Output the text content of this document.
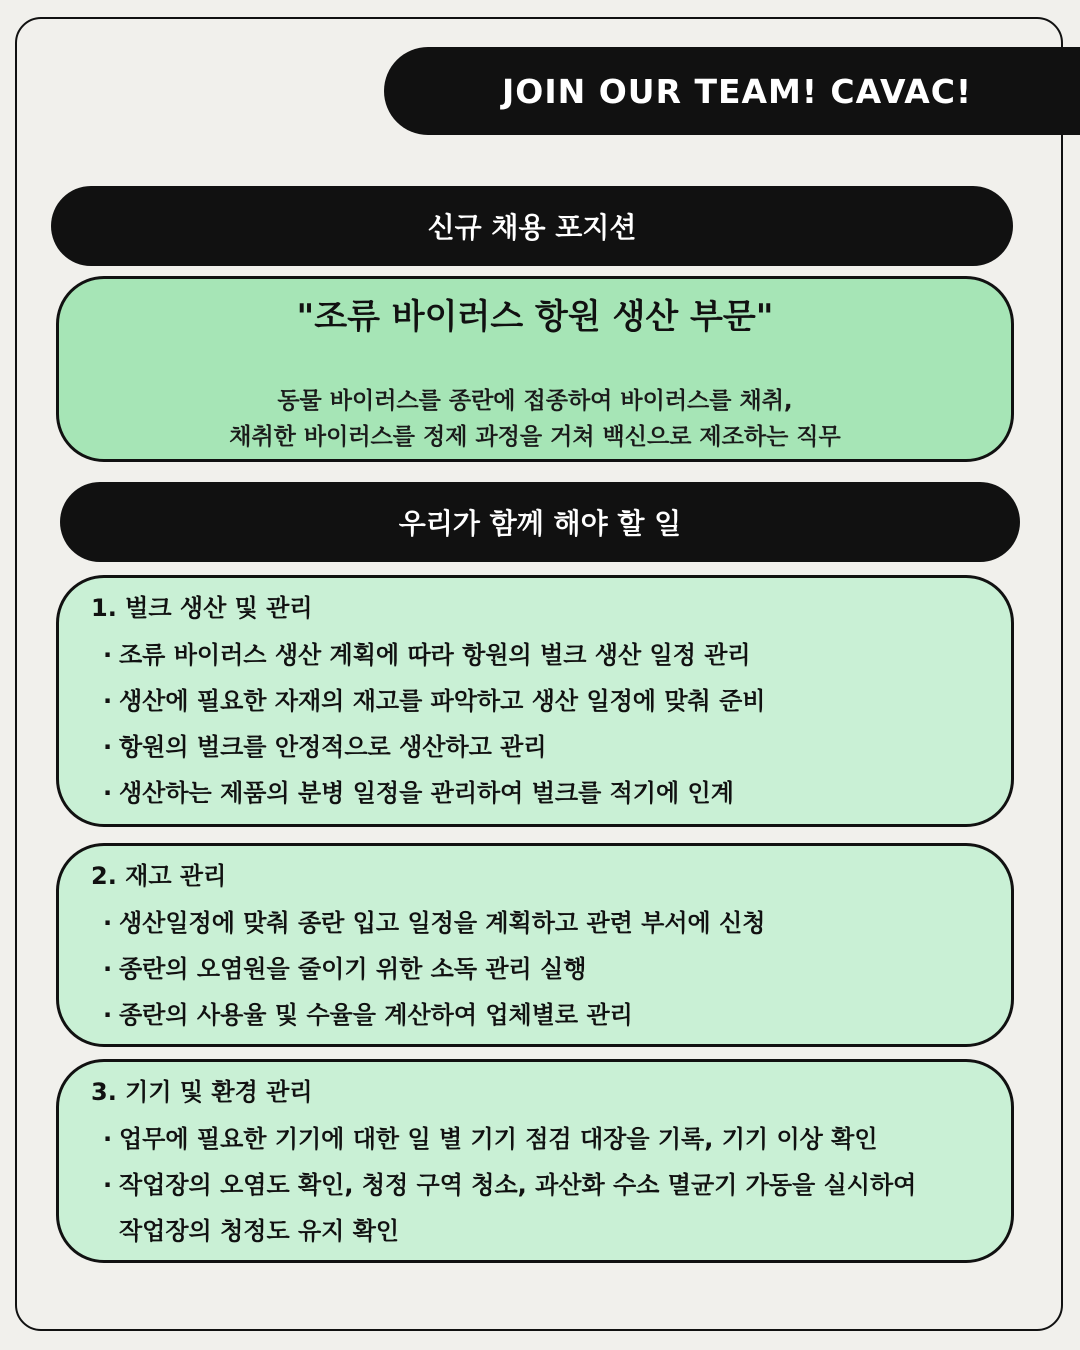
JOIN OUR TEAM! CAVAC!
신규 채용 포지션
"조류 바이러스 항원 생산 부문"
동물 바이러스를 종란에 접종하여 바이러스를 채취,
채취한 바이러스를 정제 과정을 거쳐 백신으로 제조하는 직무
우리가 함께 해야 할 일
1. 벌크 생산 및 관리
· 조류 바이러스 생산 계획에 따라 항원의 벌크 생산 일정 관리
· 생산에 필요한 자재의 재고를 파악하고 생산 일정에 맞춰 준비
· 항원의 벌크를 안정적으로 생산하고 관리
· 생산하는 제품의 분병 일정을 관리하여 벌크를 적기에 인계
2. 재고 관리
· 생산일정에 맞춰 종란 입고 일정을 계획하고 관련 부서에 신청
· 종란의 오염원을 줄이기 위한 소독 관리 실행
· 종란의 사용율 및 수율을 계산하여 업체별로 관리
3. 기기 및 환경 관리
· 업무에 필요한 기기에 대한 일 별 기기 점검 대장을 기록, 기기 이상 확인
· 작업장의 오염도 확인, 청정 구역 청소, 과산화 수소 멸균기 가동을 실시하여
작업장의 청정도 유지 확인
